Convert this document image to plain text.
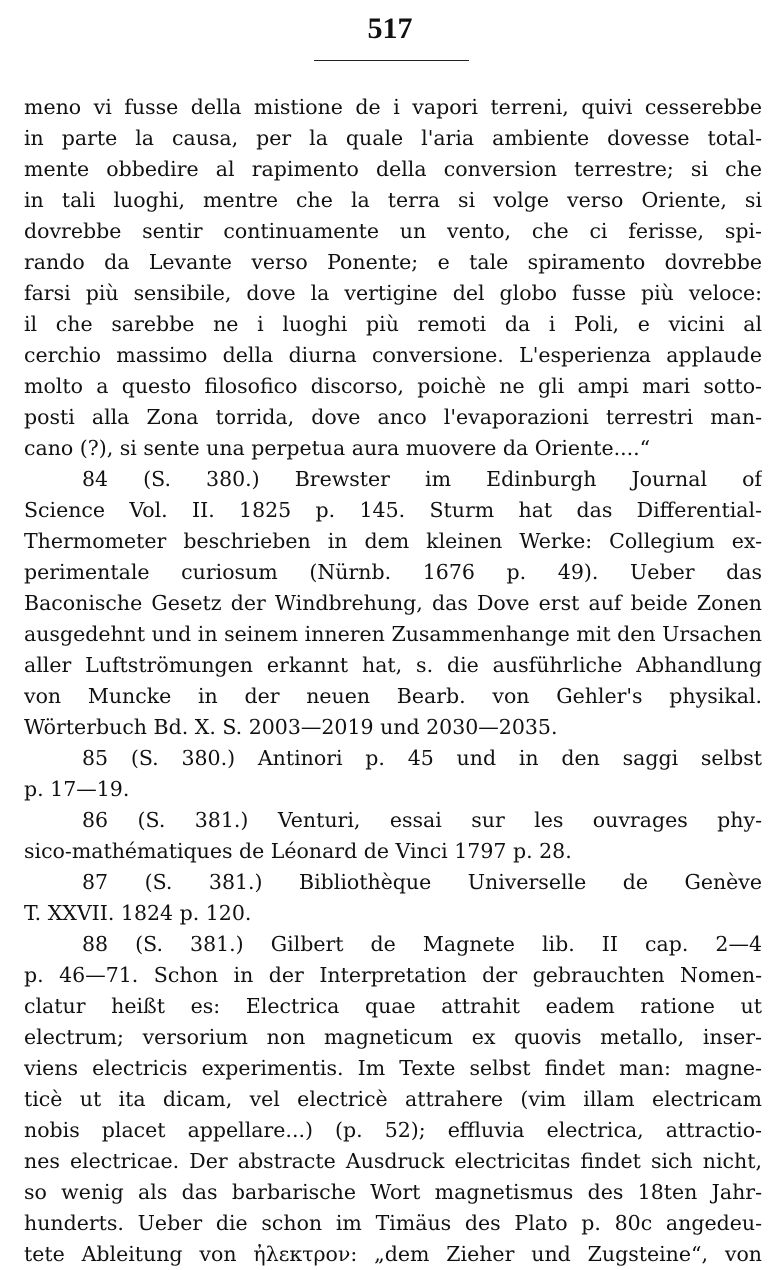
517
meno vi fusse della mistione de i vapori terreni, quivi cesserebbe
in parte la causa, per la quale l'aria ambiente dovesse total-
mente obbedire al rapimento della conversion terrestre; si che
in tali luoghi, mentre che la terra si volge verso Oriente, si
dovrebbe sentir continuamente un vento, che ci ferisse, spi-
rando da Levante verso Ponente; e tale spiramento dovrebbe
farsi più sensibile, dove la vertigine del globo fusse più veloce:
il che sarebbe ne i luoghi più remoti da i Poli, e vicini al
cerchio massimo della diurna conversione. L'esperienza applaude
molto a questo filosofico discorso, poichè ne gli ampi mari sotto-
posti alla Zona torrida, dove anco l'evaporazioni terrestri man-
cano (?), si sente una perpetua aura muovere da Oriente....“
84 (S. 380.) Brewster im Edinburgh Journal of
Science Vol. II. 1825 p. 145. Sturm hat das Differential-
Thermometer beschrieben in dem kleinen Werke: Collegium ex-
perimentale curiosum (Nürnb. 1676 p. 49). Ueber das
Baconische Gesetz der Windbrehung, das Dove erst auf beide Zonen
ausgedehnt und in seinem inneren Zusammenhange mit den Ursachen
aller Luftströmungen erkannt hat, s. die ausführliche Abhandlung
von Muncke in der neuen Bearb. von Gehler's physikal.
Wörterbuch Bd. X. S. 2003—2019 und 2030—2035.
85 (S. 380.) Antinori p. 45 und in den saggi selbst
p. 17—19.
86 (S. 381.) Venturi, essai sur les ouvrages phy-
sico-mathématiques de Léonard de Vinci 1797 p. 28.
87 (S. 381.) Bibliothèque Universelle de Genève
T. XXVII. 1824 p. 120.
88 (S. 381.) Gilbert de Magnete lib. II cap. 2—4
p. 46—71. Schon in der Interpretation der gebrauchten Nomen-
clatur heißt es: Electrica quae attrahit eadem ratione ut
electrum; versorium non magneticum ex quovis metallo, inser-
viens electricis experimentis. Im Texte selbst findet man: magne-
ticè ut ita dicam, vel electricè attrahere (vim illam electricam
nobis placet appellare...) (p. 52); effluvia electrica, attractio-
nes electricae. Der abstracte Ausdruck electricitas findet sich nicht,
so wenig als das barbarische Wort magnetismus des 18ten Jahr-
hunderts. Ueber die schon im Timäus des Plato p. 80c angedeu-
tete Ableitung von ἠλεκτρον: „dem Zieher und Zugsteine“, von
